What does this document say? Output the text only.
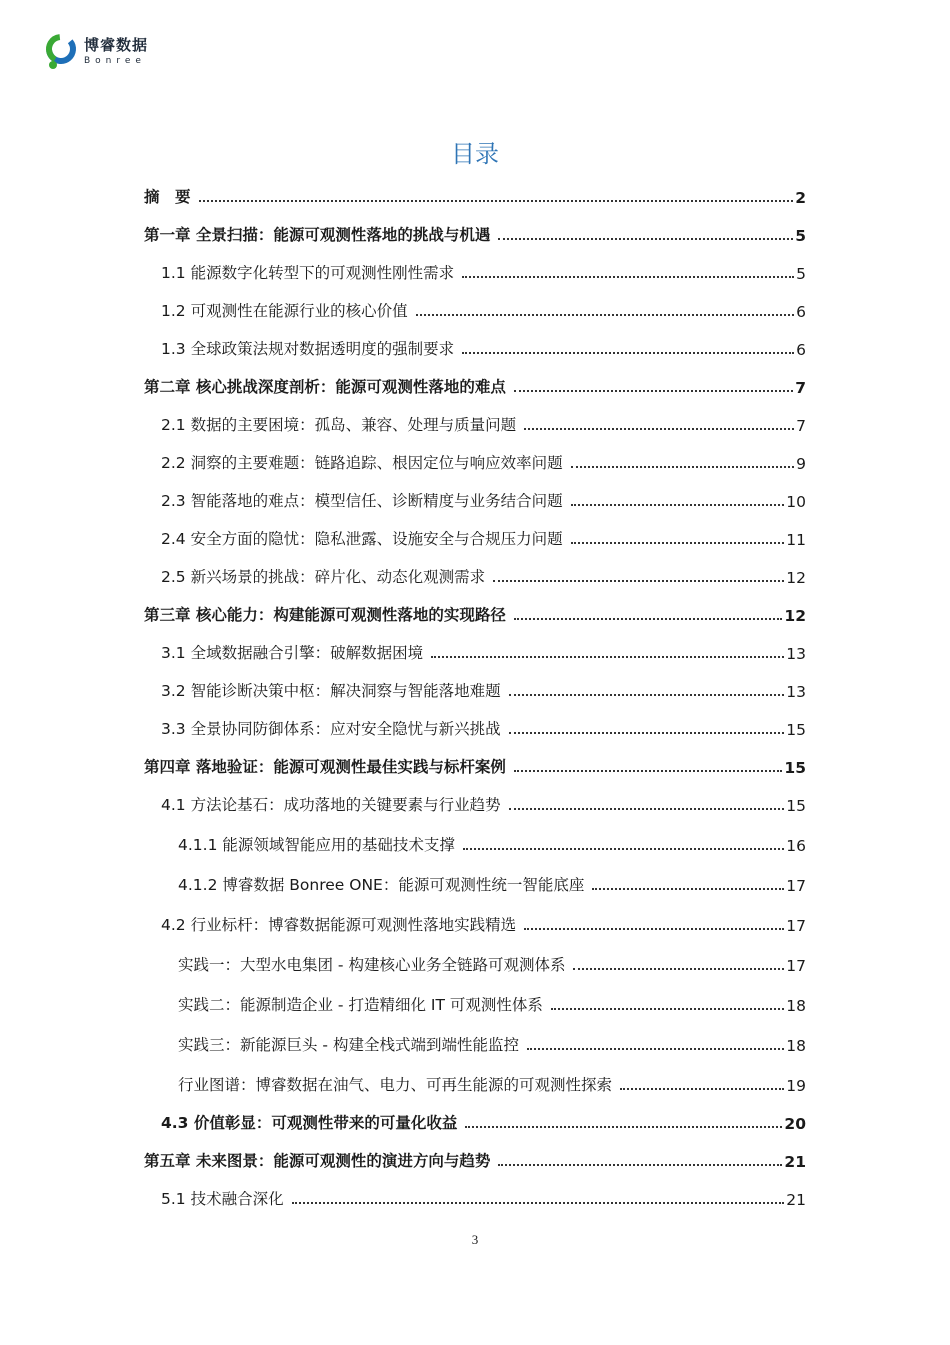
博睿数据
Bonree
目录
摘　要	2
第一章 全景扫描：能源可观测性落地的挑战与机遇	5
1.1 能源数字化转型下的可观测性刚性需求	5
1.2 可观测性在能源行业的核心价值	6
1.3 全球政策法规对数据透明度的强制要求	6
第二章 核心挑战深度剖析：能源可观测性落地的难点	7
2.1 数据的主要困境：孤岛、兼容、处理与质量问题	7
2.2 洞察的主要难题：链路追踪、根因定位与响应效率问题	9
2.3 智能落地的难点：模型信任、诊断精度与业务结合问题	10
2.4 安全方面的隐忧：隐私泄露、设施安全与合规压力问题	11
2.5 新兴场景的挑战：碎片化、动态化观测需求	12
第三章 核心能力：构建能源可观测性落地的实现路径	12
3.1 全域数据融合引擎：破解数据困境	13
3.2 智能诊断决策中枢：解决洞察与智能落地难题	13
3.3 全景协同防御体系：应对安全隐忧与新兴挑战	15
第四章 落地验证：能源可观测性最佳实践与标杆案例	15
4.1 方法论基石：成功落地的关键要素与行业趋势	15
4.1.1 能源领域智能应用的基础技术支撑	16
4.1.2 博睿数据 Bonree ONE：能源可观测性统一智能底座	17
4.2 行业标杆：博睿数据能源可观测性落地实践精选	17
实践一：大型水电集团 - 构建核心业务全链路可观测体系	17
实践二：能源制造企业 - 打造精细化 IT 可观测性体系	18
实践三：新能源巨头 - 构建全栈式端到端性能监控	18
行业图谱：博睿数据在油气、电力、可再生能源的可观测性探索	19
4.3 价值彰显：可观测性带来的可量化收益	20
第五章 未来图景：能源可观测性的演进方向与趋势	21
5.1 技术融合深化	21
3
